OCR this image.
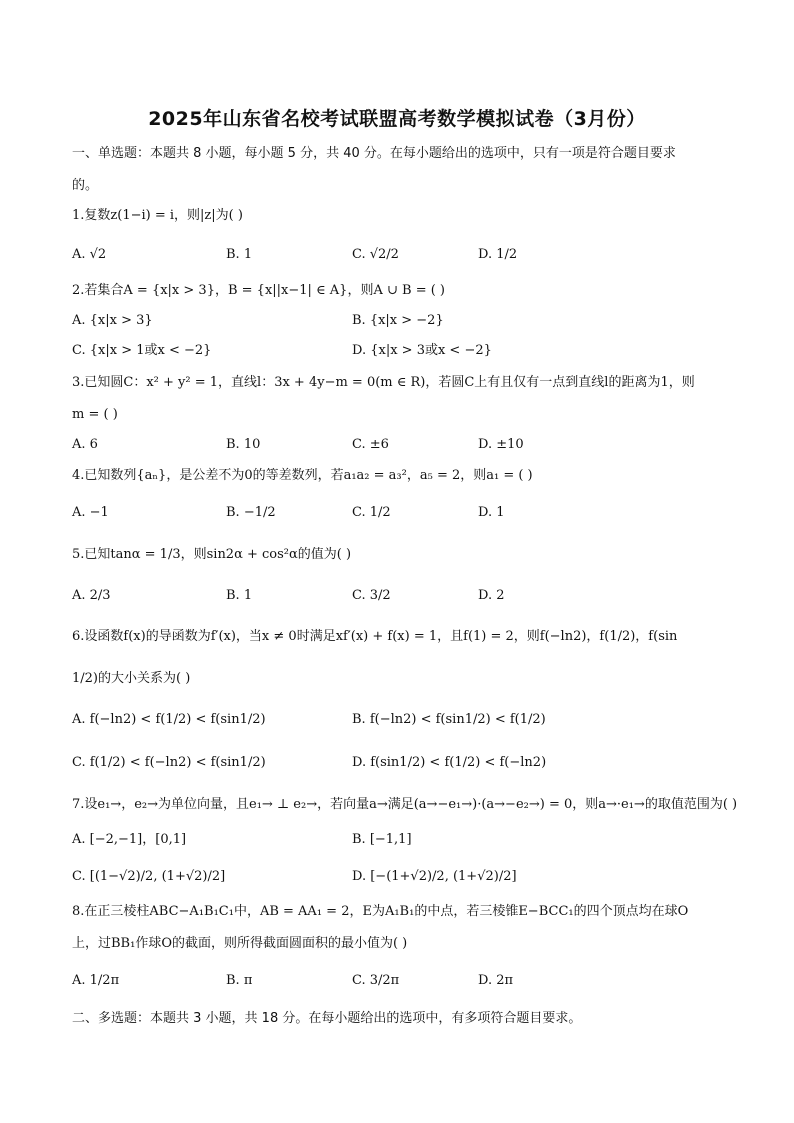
2025年山东省名校考试联盟高考数学模拟试卷（3月份）
一、单选题：本题共 8 小题，每小题 5 分，共 40 分。在每小题给出的选项中，只有一项是符合题目要求
的。
1.复数z(1−i) = i，则|z|为( )
A. √2	B. 1	C. √2/2	D. 1/2
2.若集合A = {x|x > 3}，B = {x||x−1| ∈ A}，则A ∪ B = ( )
A. {x|x > 3}	B. {x|x > −2}
C. {x|x > 1或x < −2}	D. {x|x > 3或x < −2}
3.已知圆C：x² + y² = 1，直线l：3x + 4y−m = 0(m ∈ R)，若圆C上有且仅有一点到直线l的距离为1，则
m = ( )
A. 6	B. 10	C. ±6	D. ±10
4.已知数列{aₙ}，是公差不为0的等差数列，若a₁a₂ = a₃²，a₅ = 2，则a₁ = ( )
A. −1	B. −1/2	C. 1/2	D. 1
5.已知tanα = 1/3，则sin2α + cos²α的值为( )
A. 2/3	B. 1	C. 3/2	D. 2
6.设函数f(x)的导函数为f′(x)，当x ≠ 0时满足xf′(x) + f(x) = 1，且f(1) = 2，则f(−ln2)，f(1/2)，f(sin
1/2)的大小关系为( )
A. f(−ln2) < f(1/2) < f(sin1/2)	B. f(−ln2) < f(sin1/2) < f(1/2)
C. f(1/2) < f(−ln2) < f(sin1/2)	D. f(sin1/2) < f(1/2) < f(−ln2)
7.设e₁→，e₂→为单位向量，且e₁→ ⊥ e₂→，若向量a→满足(a→−e₁→)·(a→−e₂→) = 0，则a→·e₁→的取值范围为( )
A. [−2,−1]，[0,1]	B. [−1,1]
C. [(1−√2)/2, (1+√2)/2]	D. [−(1+√2)/2, (1+√2)/2]
8.在正三棱柱ABC−A₁B₁C₁中，AB = AA₁ = 2，E为A₁B₁的中点，若三棱锥E−BCC₁的四个顶点均在球O
上，过BB₁作球O的截面，则所得截面圆面积的最小值为( )
A. 1/2π	B. π	C. 3/2π	D. 2π
二、多选题：本题共 3 小题，共 18 分。在每小题给出的选项中，有多项符合题目要求。
